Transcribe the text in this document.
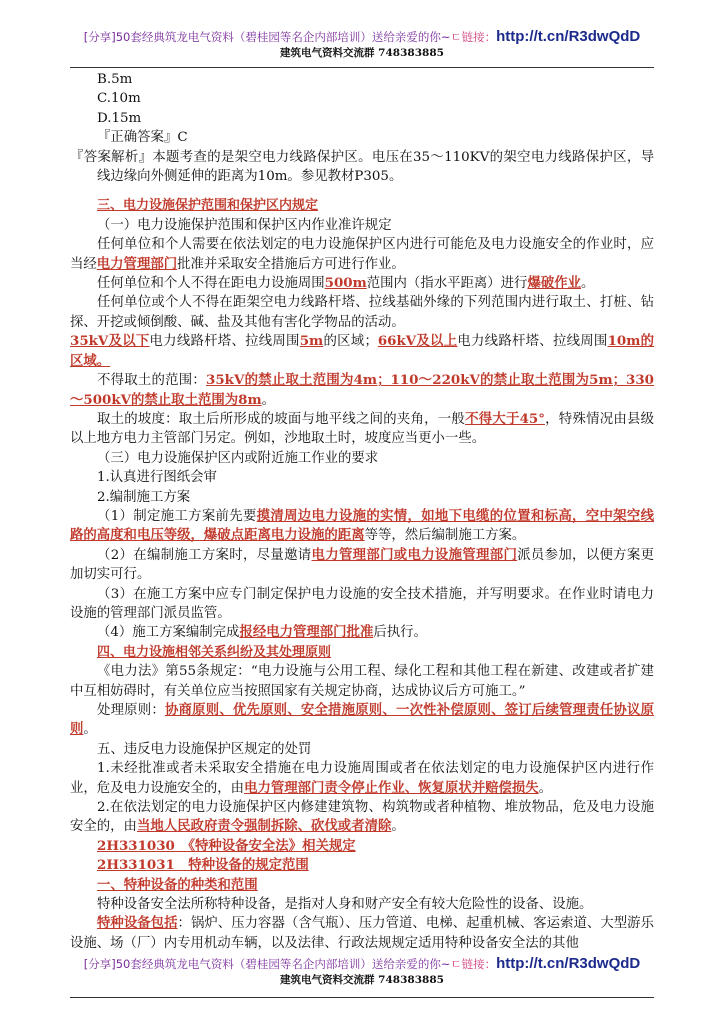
[分享]50套经典筑龙电气资料（碧桂园等名企内部培训）送给亲爱的你~ㄷ链接：http://t.cn/R3dwQdD
建筑电气资料交流群 748383885

B.5m

C.10m

D.15m

『正确答案』C

『答案解析』本题考查的是架空电力线路保护区。电压在35～110KV的架空电力线路保护区，导线边缘向外侧延伸的距离为10m。参见教材P305。

三、电力设施保护范围和保护区内规定

（一）电力设施保护范围和保护区内作业准许规定

任何单位和个人需要在依法划定的电力设施保护区内进行可能危及电力设施安全的作业时，应当经电力管理部门批准并采取安全措施后方可进行作业。

任何单位和个人不得在距电力设施周围500m范围内（指水平距离）进行爆破作业。

任何单位或个人不得在距架空电力线路杆塔、拉线基础外缘的下列范围内进行取土、打桩、钻探、开挖或倾倒酸、碱、盐及其他有害化学物品的活动。

35kV及以下电力线路杆塔、拉线周围5m的区域；66kV及以上电力线路杆塔、拉线周围10m的区域。

不得取土的范围：35kV的禁止取土范围为4m；110～220kV的禁止取土范围为5m；330～500kV的禁止取土范围为8m。

取土的坡度：取土后所形成的坡面与地平线之间的夹角，一般不得大于45°，特殊情况由县级以上地方电力主管部门另定。例如，沙地取土时，坡度应当更小一些。

（三）电力设施保护区内或附近施工作业的要求

1.认真进行图纸会审

2.编制施工方案

（1）制定施工方案前先要摸清周边电力设施的实情，如地下电缆的位置和标高，空中架空线路的高度和电压等级，爆破点距离电力设施的距离等等，然后编制施工方案。

（2）在编制施工方案时，尽量邀请电力管理部门或电力设施管理部门派员参加，以便方案更加切实可行。

（3）在施工方案中应专门制定保护电力设施的安全技术措施，并写明要求。在作业时请电力设施的管理部门派员监管。

（4）施工方案编制完成报经电力管理部门批准后执行。

四、电力设施相邻关系纠纷及其处理原则

《电力法》第55条规定：“电力设施与公用工程、绿化工程和其他工程在新建、改建或者扩建中互相妨碍时，有关单位应当按照国家有关规定协商，达成协议后方可施工。”

处理原则：协商原则、优先原则、安全措施原则、一次性补偿原则、签订后续管理责任协议原则。

五、违反电力设施保护区规定的处罚

1.未经批准或者未采取安全措施在电力设施周围或者在依法划定的电力设施保护区内进行作业，危及电力设施安全的，由电力管理部门责令停止作业、恢复原状并赔偿损失。

2.在依法划定的电力设施保护区内修建建筑物、构筑物或者种植物、堆放物品，危及电力设施安全的，由当地人民政府责令强制拆除、砍伐或者清除。

2H331030　《特种设备安全法》相关规定

2H331031　特种设备的规定范围

一、特种设备的种类和范围

特种设备安全法所称特种设备，是指对人身和财产安全有较大危险性的设备、设施。

特种设备包括：锅炉、压力容器（含气瓶）、压力管道、电梯、起重机械、客运索道、大型游乐设施、场（厂）内专用机动车辆，以及法律、行政法规规定适用特种设备安全法的其他

[分享]50套经典筑龙电气资料（碧桂园等名企内部培训）送给亲爱的你~ㄷ链接：http://t.cn/R3dwQdD
建筑电气资料交流群 748383885
